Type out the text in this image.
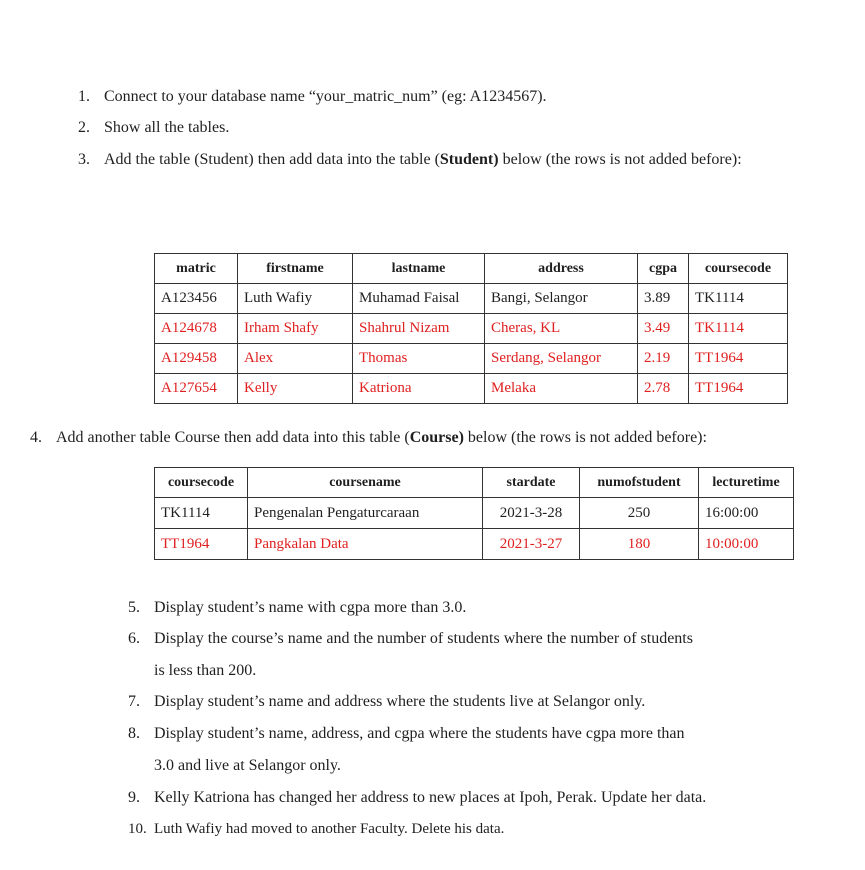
1. Connect to your database name “your_matric_num” (eg: A1234567).
2. Show all the tables.
3. Add the table (Student) then add data into the table (Student) below (the rows is not added before):
matric	firstname	lastname	address	cgpa	coursecode
A123456	Luth Wafiy	Muhamad Faisal	Bangi, Selangor	3.89	TK1114
A124678	Irham Shafy	Shahrul Nizam	Cheras, KL	3.49	TK1114
A129458	Alex	Thomas	Serdang, Selangor	2.19	TT1964
A127654	Kelly	Katriona	Melaka	2.78	TT1964
4. Add another table Course then add data into this table (Course) below (the rows is not added before):
coursecode	coursename	stardate	numofstudent	lecturetime
TK1114	Pengenalan Pengaturcaraan	2021-3-28	250	16:00:00
TT1964	Pangkalan Data	2021-3-27	180	10:00:00
5. Display student’s name with cgpa more than 3.0.
6. Display the course’s name and the number of students where the number of students
is less than 200.
7. Display student’s name and address where the students live at Selangor only.
8. Display student’s name, address, and cgpa where the students have cgpa more than
3.0 and live at Selangor only.
9. Kelly Katriona has changed her address to new places at Ipoh, Perak. Update her data.
10. Luth Wafiy had moved to another Faculty. Delete his data.
